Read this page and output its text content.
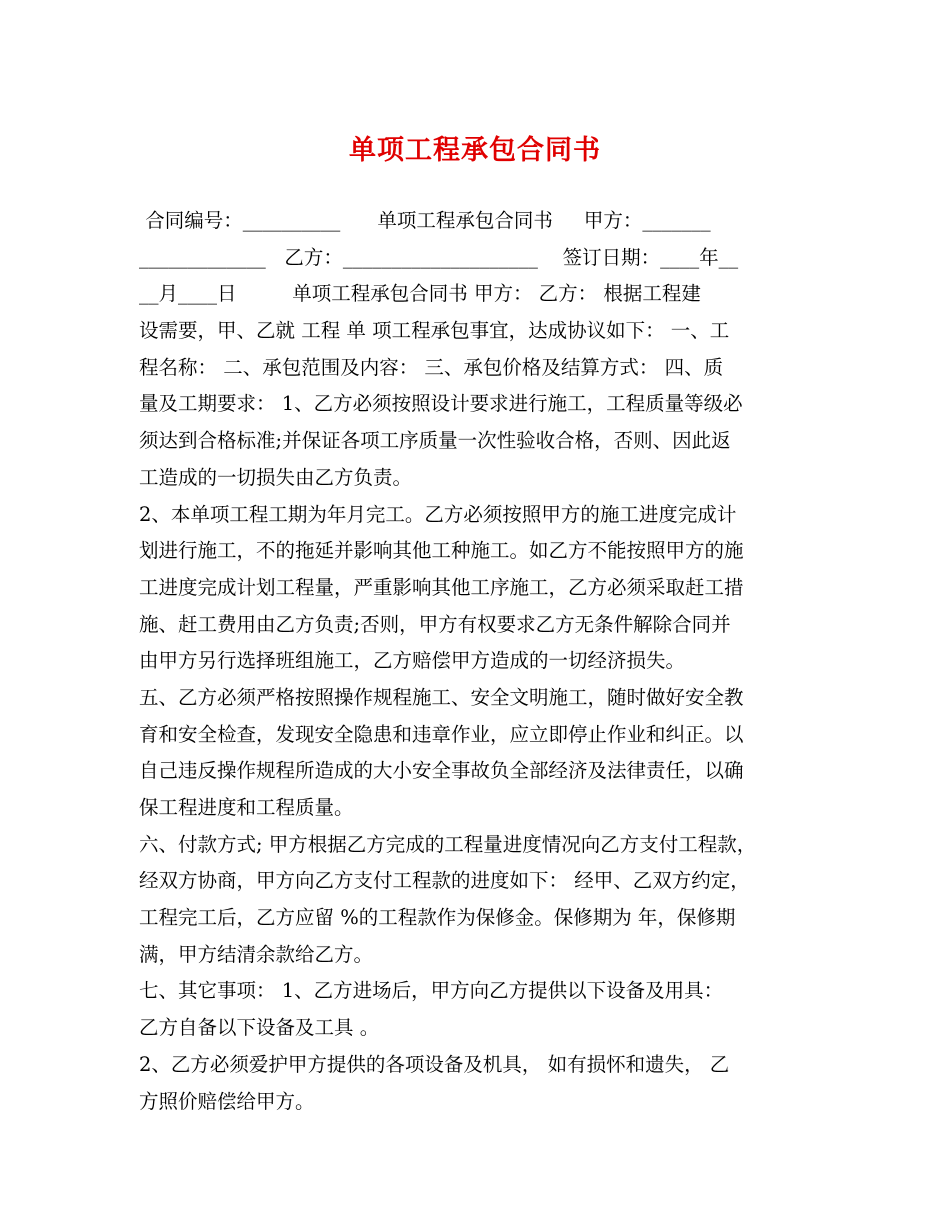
单项工程承包合同书
合同编号：__________      单项工程承包合同书     甲方：_______
_____________   乙方：____________________    签订日期：____年__
__月____日         单项工程承包合同书 甲方： 乙方： 根据工程建
设需要，甲、乙就 工程 单 项工程承包事宜，达成协议如下： 一、工
程名称： 二、承包范围及内容： 三、承包价格及结算方式： 四、质
量及工期要求： 1、乙方必须按照设计要求进行施工，工程质量等级必
须达到合格标准;并保证各项工序质量一次性验收合格，否则、因此返
工造成的一切损失由乙方负责。
2、本单项工程工期为年月完工。乙方必须按照甲方的施工进度完成计
划进行施工，不的拖延并影响其他工种施工。如乙方不能按照甲方的施
工进度完成计划工程量，严重影响其他工序施工，乙方必须采取赶工措
施、赶工费用由乙方负责;否则，甲方有权要求乙方无条件解除合同并
由甲方另行选择班组施工，乙方赔偿甲方造成的一切经济损失。
五、乙方必须严格按照操作规程施工、安全文明施工，随时做好安全教
育和安全检查，发现安全隐患和违章作业，应立即停止作业和纠正。以
自己违反操作规程所造成的大小安全事故负全部经济及法律责任，以确
保工程进度和工程质量。
六、付款方式; 甲方根据乙方完成的工程量进度情况向乙方支付工程款，
经双方协商，甲方向乙方支付工程款的进度如下： 经甲、乙双方约定，
工程完工后，乙方应留 %的工程款作为保修金。保修期为 年，保修期
满，甲方结清余款给乙方。
七、其它事项： 1、乙方进场后，甲方向乙方提供以下设备及用具：
乙方自备以下设备及工具 。
2、乙方必须爱护甲方提供的各项设备及机具， 如有损怀和遗失， 乙
方照价赔偿给甲方。
